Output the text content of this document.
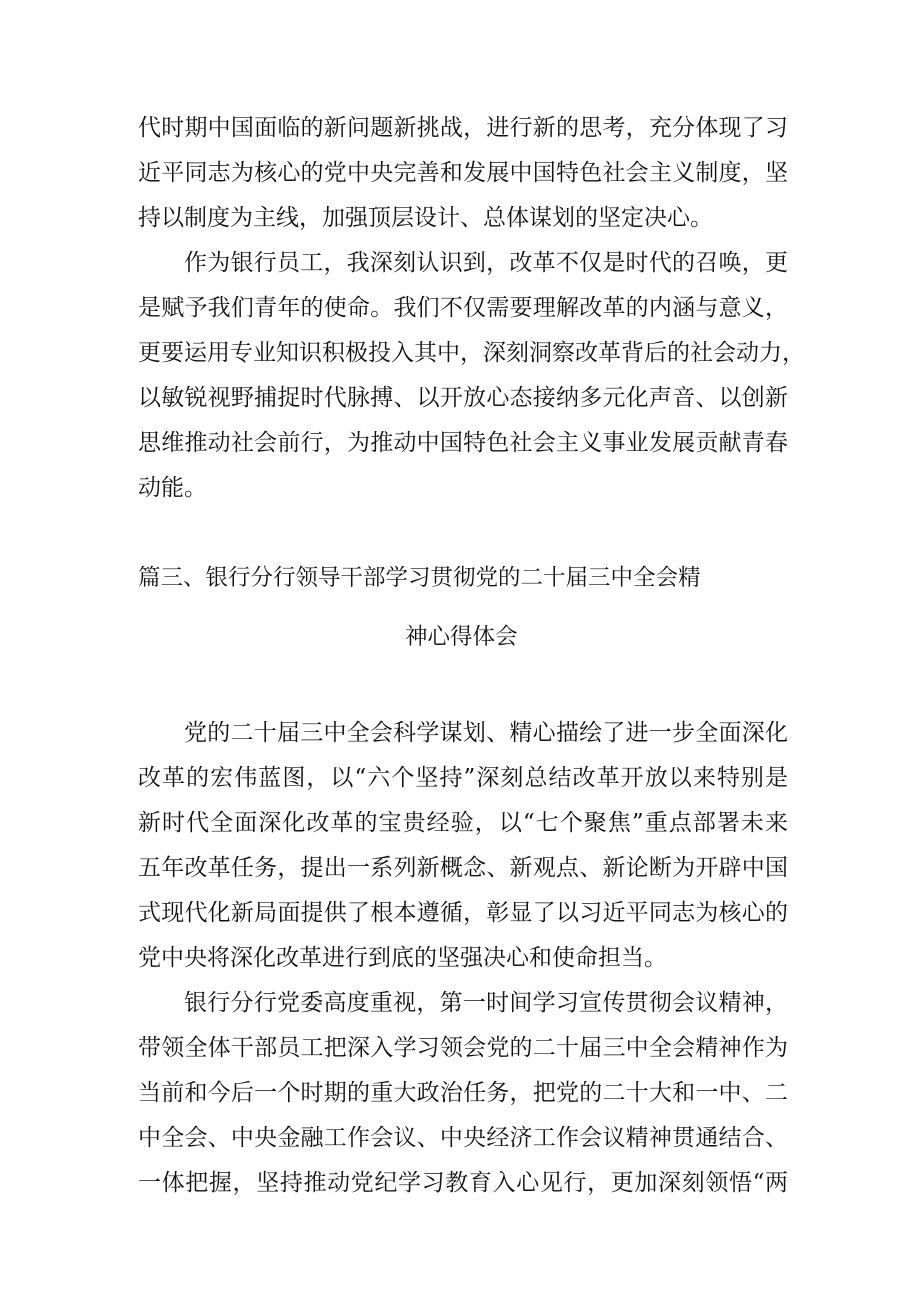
代时期中国面临的新问题新挑战，进行新的思考，充分体现了习
近平同志为核心的党中央完善和发展中国特色社会主义制度，坚
持以制度为主线，加强顶层设计、总体谋划的坚定决心。
作为银行员工，我深刻认识到，改革不仅是时代的召唤，更
是赋予我们青年的使命。我们不仅需要理解改革的内涵与意义，
更要运用专业知识积极投入其中，深刻洞察改革背后的社会动力，
以敏锐视野捕捉时代脉搏、以开放心态接纳多元化声音、以创新
思维推动社会前行，为推动中国特色社会主义事业发展贡献青春
动能。
篇三、银行分行领导干部学习贯彻党的二十届三中全会精
神心得体会
党的二十届三中全会科学谋划、精心描绘了进一步全面深化
改革的宏伟蓝图，以“六个坚持”深刻总结改革开放以来特别是
新时代全面深化改革的宝贵经验，以“七个聚焦”重点部署未来
五年改革任务，提出一系列新概念、新观点、新论断为开辟中国
式现代化新局面提供了根本遵循，彰显了以习近平同志为核心的
党中央将深化改革进行到底的坚强决心和使命担当。
银行分行党委高度重视，第一时间学习宣传贯彻会议精神，
带领全体干部员工把深入学习领会党的二十届三中全会精神作为
当前和今后一个时期的重大政治任务，把党的二十大和一中、二
中全会、中央金融工作会议、中央经济工作会议精神贯通结合、
一体把握，坚持推动党纪学习教育入心见行，更加深刻领悟“两
